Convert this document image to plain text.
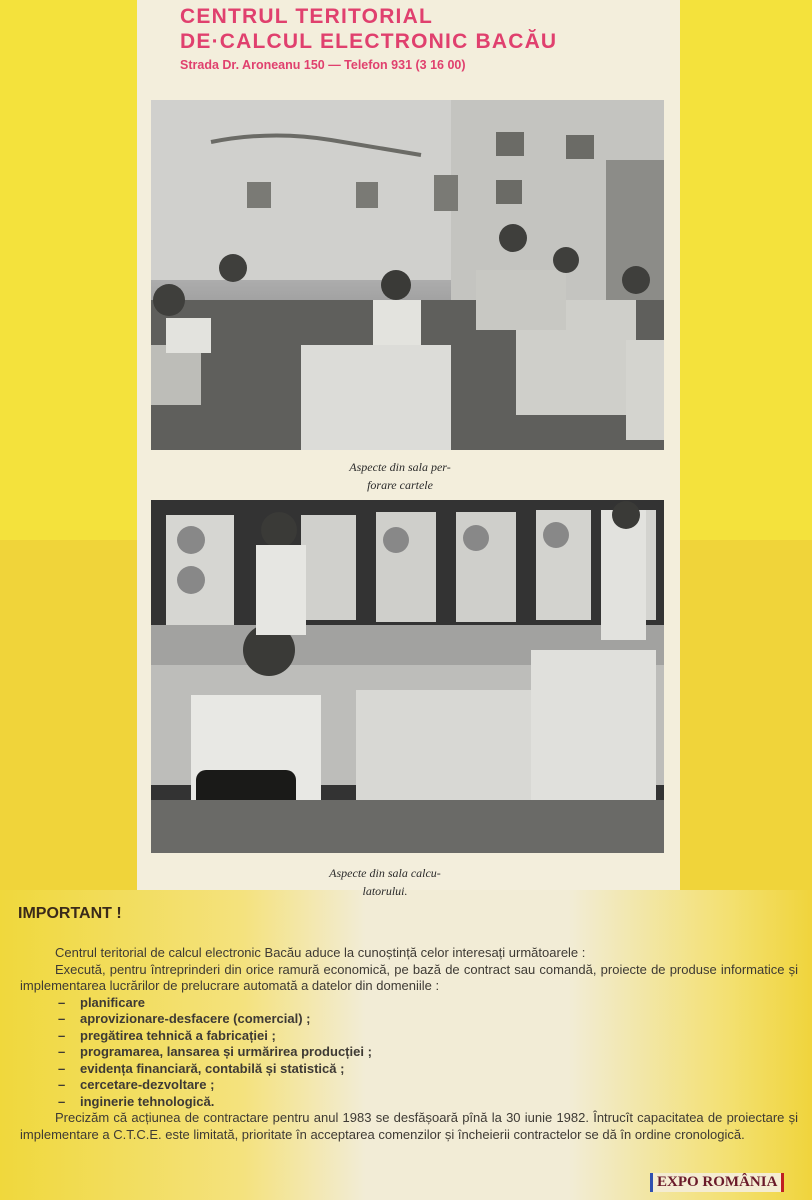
CENTRUL TERITORIAL
DE·CALCUL ELECTRONIC BACĂU
Strada Dr. Aroneanu 150 — Telefon 931 (3 16 00)
Aspecte din sala per-
forare cartele
Aspecte din sala calcu-
latorului.
IMPORTANT !

Centrul teritorial de calcul electronic Bacău aduce la cunoștință celor interesați următoarele :

Execută, pentru întreprinderi din orice ramură economică, pe bază de contract sau comandă, proiecte de produse informatice și implementarea lucrărilor de prelucrare automată a datelor din domeniile :

– planificare
– aprovizionare-desfacere (comercial) ;
– pregătirea tehnică a fabricației ;
– programarea, lansarea și urmărirea producției ;
– evidența financiară, contabilă și statistică ;
– cercetare-dezvoltare ;
– inginerie tehnologică.

Precizăm că acțiunea de contractare pentru anul 1983 se desfășoară pînă la 30 iunie 1982. Întrucît capacitatea de proiectare și implementare a C.T.C.E. este limitată, prioritate în acceptarea comenzilor și încheierii contractelor se dă în ordine cronologică.

EXPO ROMÂNIA
